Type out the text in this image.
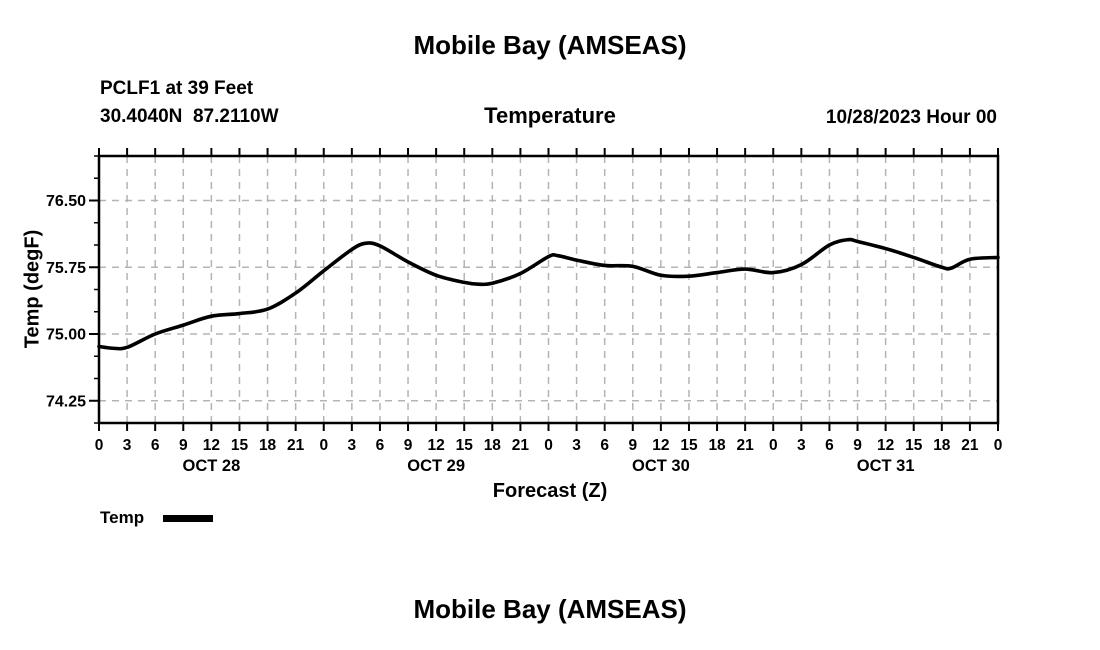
Mobile Bay (AMSEAS)
PCLF1 at 39 Feet
30.4040N  87.2110W	Temperature	10/28/2023 Hour 00
Temp (degF)
0 3 6 9 12 15 18 21 0 3 6 9 12 15 18 21 0 3 6 9 12 15 18 21 0 3 6 9 12 15 18 21 0
74.25
75.00
75.75
76.50
OCT 28	OCT 29	OCT 30	OCT 31
Forecast (Z)
Temp
Mobile Bay (AMSEAS)
